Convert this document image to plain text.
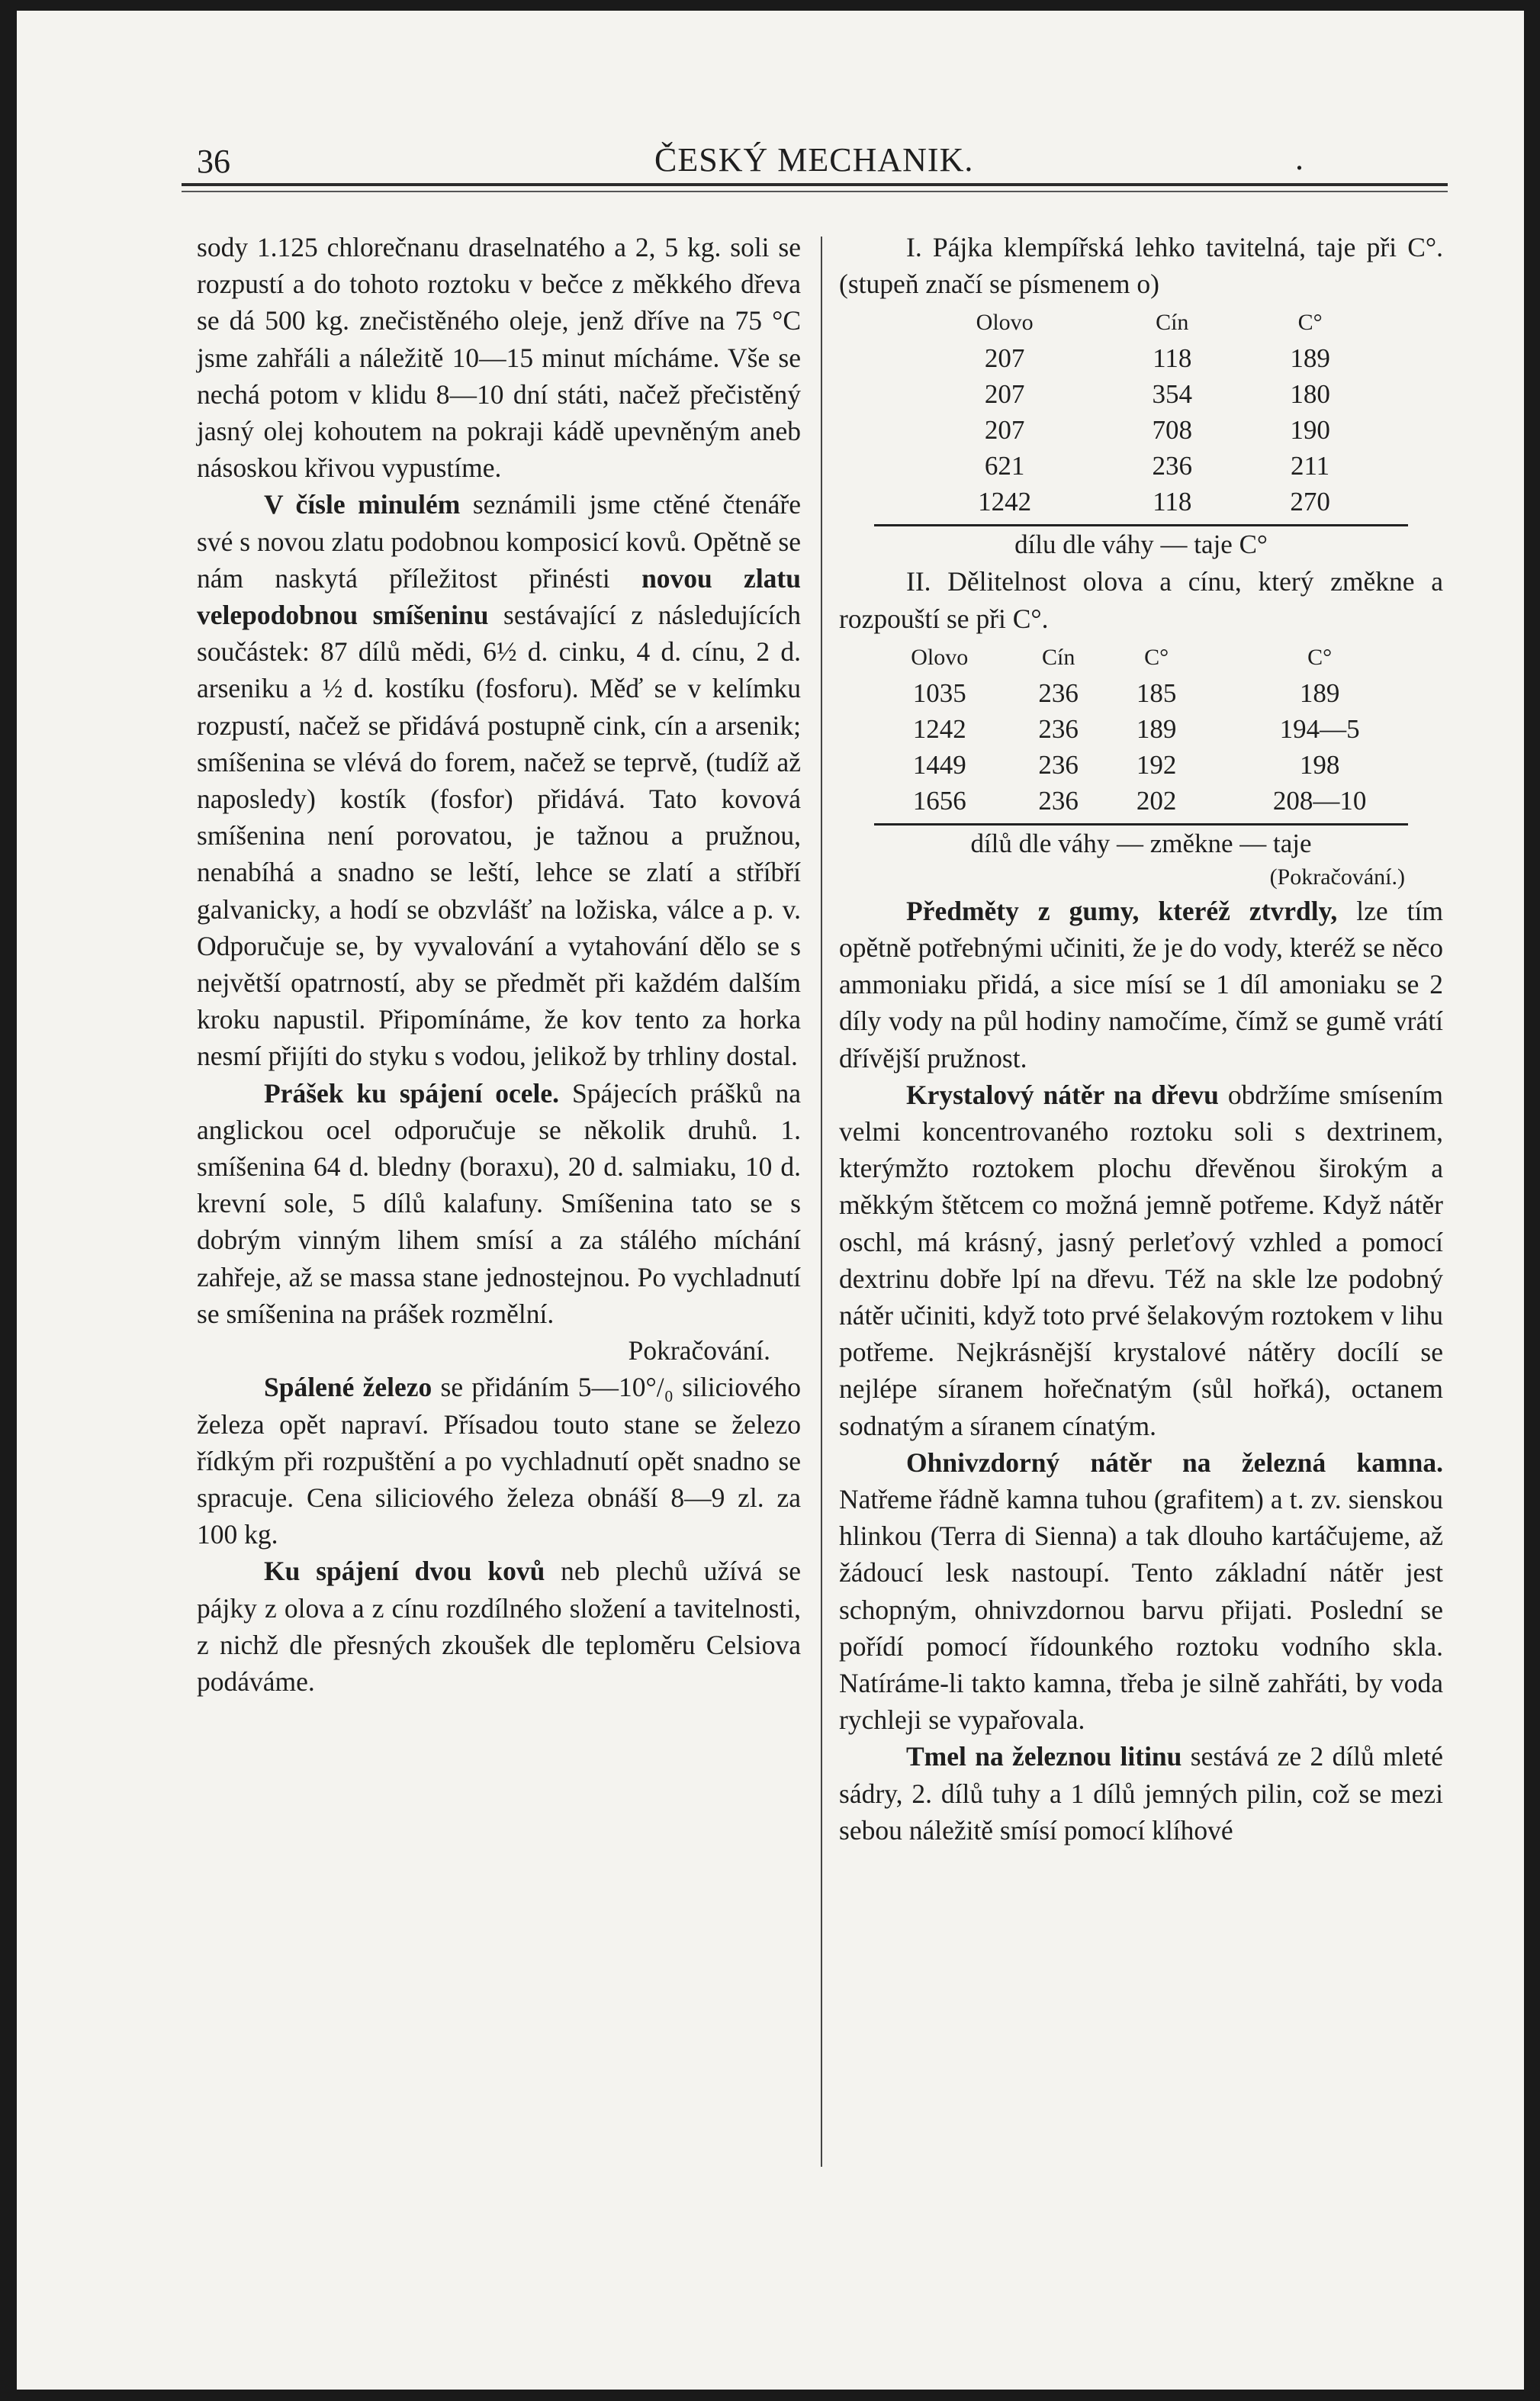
36	ČESKÝ MECHANIK.	.

sody 1.125 chlorečnanu draselnatého a 2, 5 kg. soli se rozpustí a do tohoto roztoku v bečce z měkkého dřeva se dá 500 kg. znečistěného oleje, jenž dříve na 75 °C jsme zahřáli a náležitě 10—15 minut mícháme. Vše se nechá potom v klidu 8—10 dní státi, načež přečistěný jasný olej kohoutem na pokraji kádě upevněným aneb násoskou křivou vypustíme.

V čísle minulém seznámili jsme ctěné čtenáře své s novou zlatu podobnou komposicí kovů. Opětně se nám naskytá příležitost přinésti novou zlatu velepodobnou smíšeninu sestávající z následujících součástek: 87 dílů mědi, 6½ d. cinku, 4 d. cínu, 2 d. arseniku a ½ d. kostíku (fosforu). Měď se v kelímku rozpustí, načež se přidává postupně cink, cín a arsenik; smíšenina se vlévá do forem, načež se teprvě, (tudíž až naposledy) kostík (fosfor) přidává. Tato kovová smíšenina není porovatou, je tažnou a pružnou, nenabíhá a snadno se leští, lehce se zlatí a stříbří galvanicky, a hodí se obzvlášť na ložiska, válce a p. v. Odporučuje se, by vyvalování a vytahování dělo se s největší opatrností, aby se předmět při každém dalším kroku napustil. Připomínáme, že kov tento za horka nesmí přijíti do styku s vodou, jelikož by trhliny dostal.

Prášek ku spájení ocele. Spájecích prášků na anglickou ocel odporučuje se několik druhů. 1. smíšenina 64 d. bledny (boraxu), 20 d. salmiaku, 10 d. krevní sole, 5 dílů kalafuny. Smíšenina tato se s dobrým vinným lihem smísí a za stálého míchání zahřeje, až se massa stane jednostejnou. Po vychladnutí se smíšenina na prášek rozmělní.

Pokračování.

Spálené železo se přidáním 5—10°/₀ siliciového železa opět napraví. Přísadou touto stane se železo řídkým při rozpuštění a po vychladnutí opět snadno se spracuje. Cena siliciového železa obnáší 8—9 zl. za 100 kg.

Ku spájení dvou kovů neb plechů užívá se pájky z olova a z cínu rozdílného složení a tavitelnosti, z nichž dle přesných zkoušek dle teploměru Celsiova podáváme.

I. Pájka klempířská lehko tavitelná, taje při C°. (stupeň značí se písmenem o)

Olovo	Cín	C°
207	118	189
207	354	180
207	708	190
621	236	211
1242	118	270

dílu dle váhy — taje C°

II. Dělitelnost olova a cínu, který změkne a rozpouští se při C°.

Olovo	Cín	C°	C°
1035	236	185	189
1242	236	189	194—5
1449	236	192	198
1656	236	202	208—10

dílů dle váhy — změkne — taje

(Pokračování.)

Předměty z gumy, kteréž ztvrdly, lze tím opětně potřebnými učiniti, že je do vody, kteréž se něco ammoniaku přidá, a sice mísí se 1 díl amoniaku se 2 díly vody na půl hodiny namočíme, čímž se gumě vrátí dřívější pružnost.

Krystalový nátěr na dřevu obdržíme smísením velmi koncentrovaného roztoku soli s dextrinem, kterýmžto roztokem plochu dřevěnou širokým a měkkým štětcem co možná jemně potřeme. Když nátěr oschl, má krásný, jasný perleťový vzhled a pomocí dextrinu dobře lpí na dřevu. Též na skle lze podobný nátěr učiniti, když toto prvé šelakovým roztokem v lihu potřeme. Nejkrásnější krystalové nátěry docílí se nejlépe síranem hořečnatým (sůl hořká), octanem sodnatým a síranem cínatým.

Ohnivzdorný nátěr na železná kamna. Natřeme řádně kamna tuhou (grafitem) a t. zv. sienskou hlinkou (Terra di Sienna) a tak dlouho kartáčujeme, až žádoucí lesk nastoupí. Tento základní nátěr jest schopným, ohnivzdornou barvu přijati. Poslední se pořídí pomocí řídounkého roztoku vodního skla. Natíráme-li takto kamna, třeba je silně zahřáti, by voda rychleji se vypařovala.

Tmel na železnou litinu sestává ze 2 dílů mleté sádry, 2. dílů tuhy a 1 dílů jemných pilin, což se mezi sebou náležitě smísí pomocí klíhové
